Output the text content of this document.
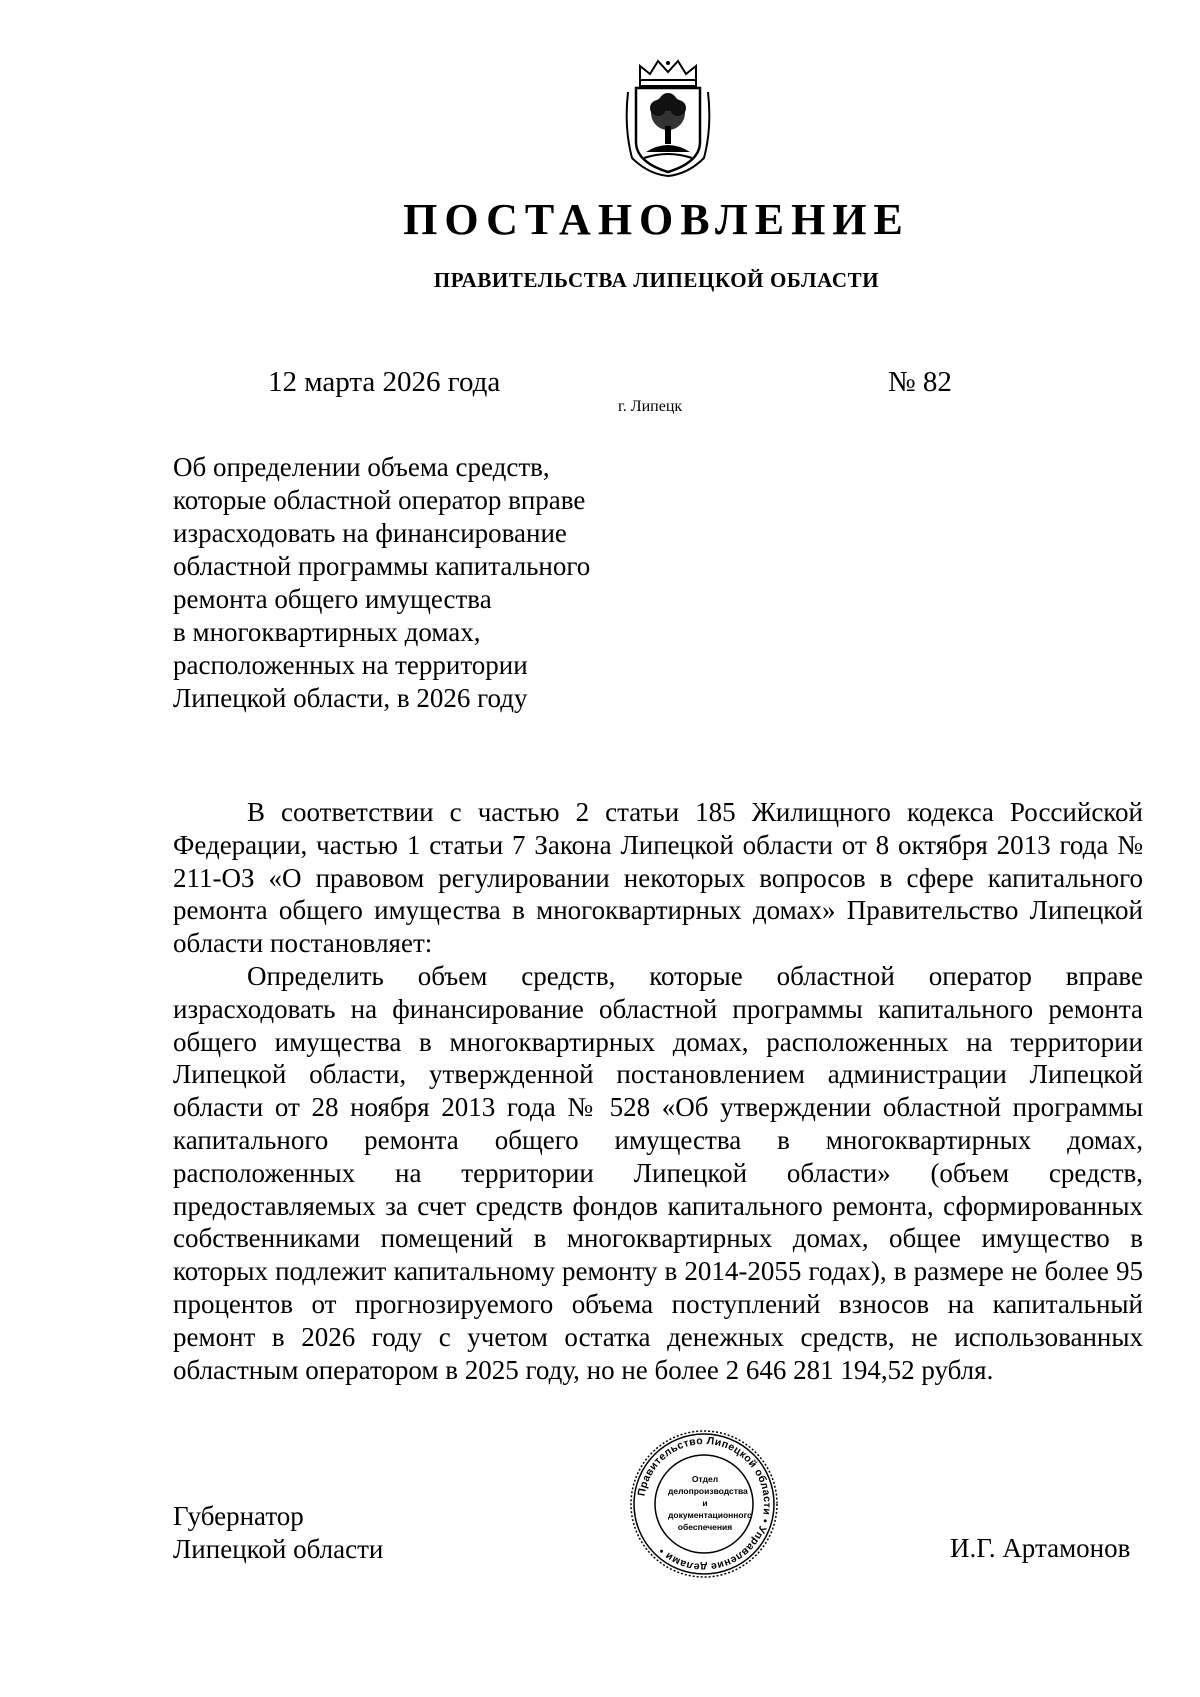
ПОСТАНОВЛЕНИЕ
ПРАВИТЕЛЬСТВА ЛИПЕЦКОЙ ОБЛАСТИ
12 марта 2026 года
г. Липецк
№ 82
Об определении объема средств,
которые областной оператор вправе
израсходовать на финансирование
областной программы капитального
ремонта общего имущества
в многоквартирных домах,
расположенных на территории
Липецкой области, в 2026 году

В соответствии с частью 2 статьи 185 Жилищного кодекса Российской Федерации, частью 1 статьи 7 Закона Липецкой области от 8 октября 2013 года № 211-ОЗ «О правовом регулировании некоторых вопросов в сфере капитального ремонта общего имущества в многоквартирных домах» Правительство Липецкой области постановляет:

Определить объем средств, которые областной оператор вправе израсходовать на финансирование областной программы капитального ремонта общего имущества в многоквартирных домах, расположенных на территории Липецкой области, утвержденной постановлением администрации Липецкой области от 28 ноября 2013 года № 528 «Об утверждении областной программы капитального ремонта общего имущества в многоквартирных домах, расположенных на территории Липецкой области» (объем средств, предоставляемых за счет средств фондов капитального ремонта, сформированных собственниками помещений в многоквартирных домах, общее имущество в которых подлежит капитальному ремонту в 2014-2055 годах), в размере не более 95 процентов от прогнозируемого объема поступлений взносов на капитальный ремонт в 2026 году с учетом остатка денежных средств, не использованных областным оператором в 2025 году, но не более 2 646 281 194,52 рубля.

Губернатор
Липецкой области	И.Г. Артамонов
Правительство Липецкой области • Управление делами •
Отдел
делопроизводства и
документационного
обеспечения
